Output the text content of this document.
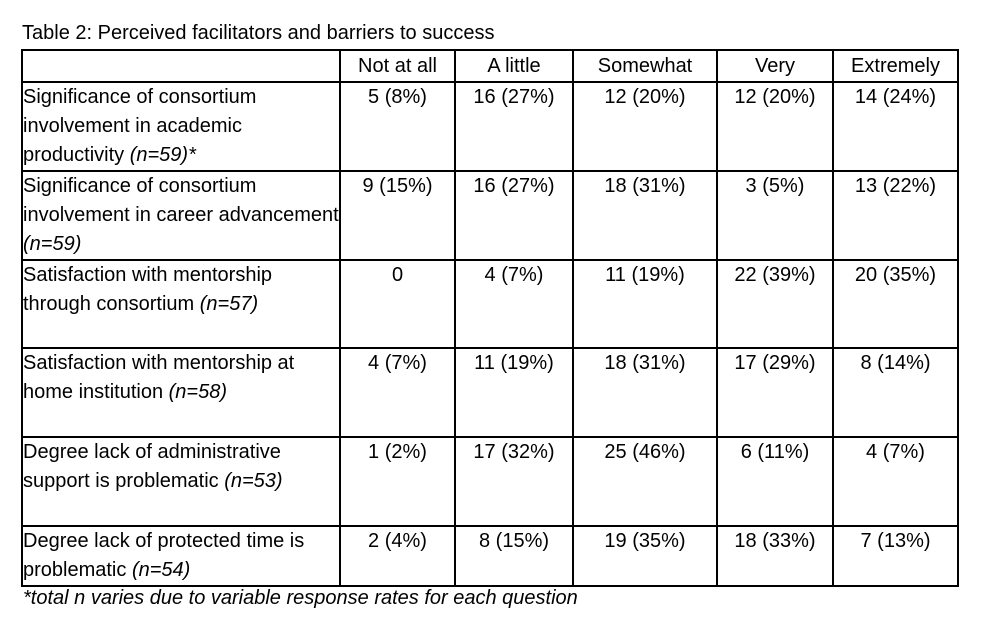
Table 2: Perceived facilitators and barriers to success
	Not at all	A little	Somewhat	Very	Extremely
Significance of consortium involvement in academic productivity (n=59)*	5 (8%)	16 (27%)	12 (20%)	12 (20%)	14 (24%)
Significance of consortium involvement in career advancement (n=59)	9 (15%)	16 (27%)	18 (31%)	3 (5%)	13 (22%)
Satisfaction with mentorship through consortium (n=57)	0	4 (7%)	11 (19%)	22 (39%)	20 (35%)
Satisfaction with mentorship at home institution (n=58)	4 (7%)	11 (19%)	18 (31%)	17 (29%)	8 (14%)
Degree lack of administrative support is problematic (n=53)	1 (2%)	17 (32%)	25 (46%)	6 (11%)	4 (7%)
Degree lack of protected time is problematic (n=54)	2 (4%)	8 (15%)	19 (35%)	18 (33%)	7 (13%)
*total n varies due to variable response rates for each question
